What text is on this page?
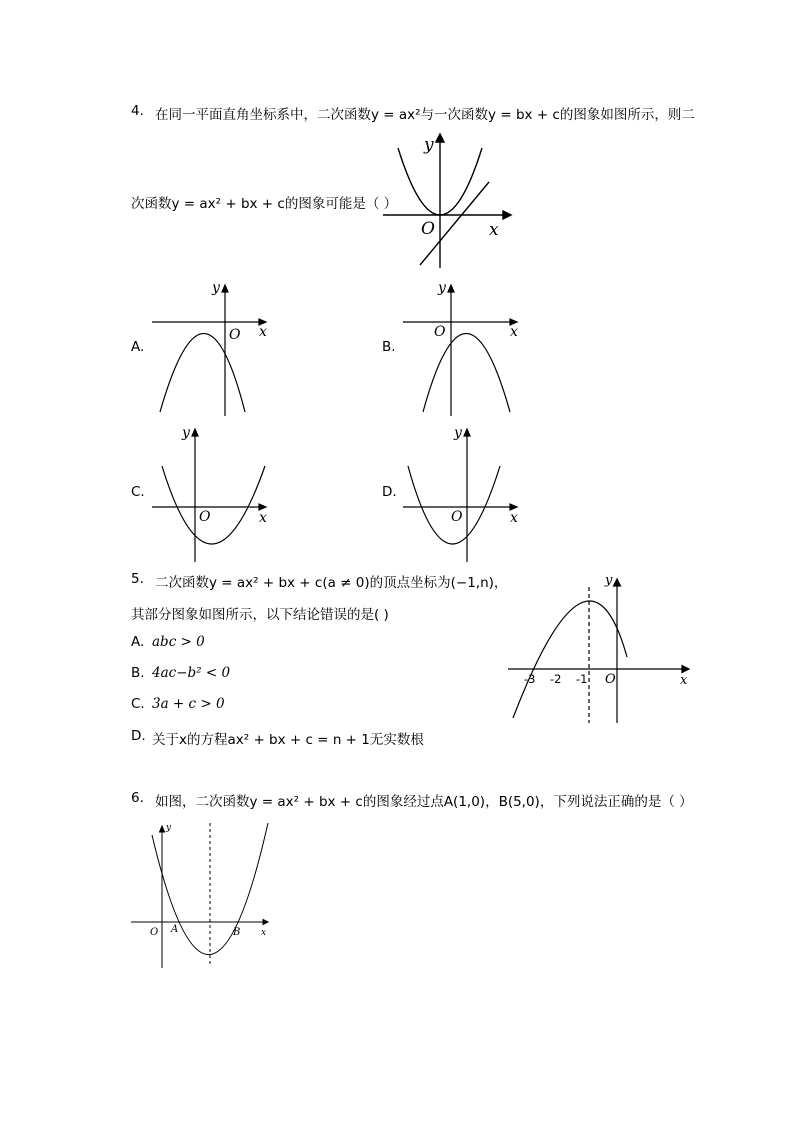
4. 在同一平面直角坐标系中，二次函数y = ax²与一次函数y = bx + c的图象如图所示，则二
次函数y = ax² + bx + c的图象可能是（ ）
y
x
O
A.
y
x
O
B.
y
x
O
C.
y
x
O
D.
y
x
O
5. 二次函数y = ax² + bx + c(a ≠ 0)的顶点坐标为(−1,n)，
其部分图象如图所示，以下结论错误的是( )
A. abc > 0
B. 4ac−b² < 0
C. 3a + c > 0
D. 关于x的方程ax² + bx + c = n + 1无实数根
y
x
O
-3 -2 -1
6. 如图，二次函数y = ax² + bx + c的图象经过点A(1,0)，B(5,0)，下列说法正确的是（ ）
y
x
O A	B
